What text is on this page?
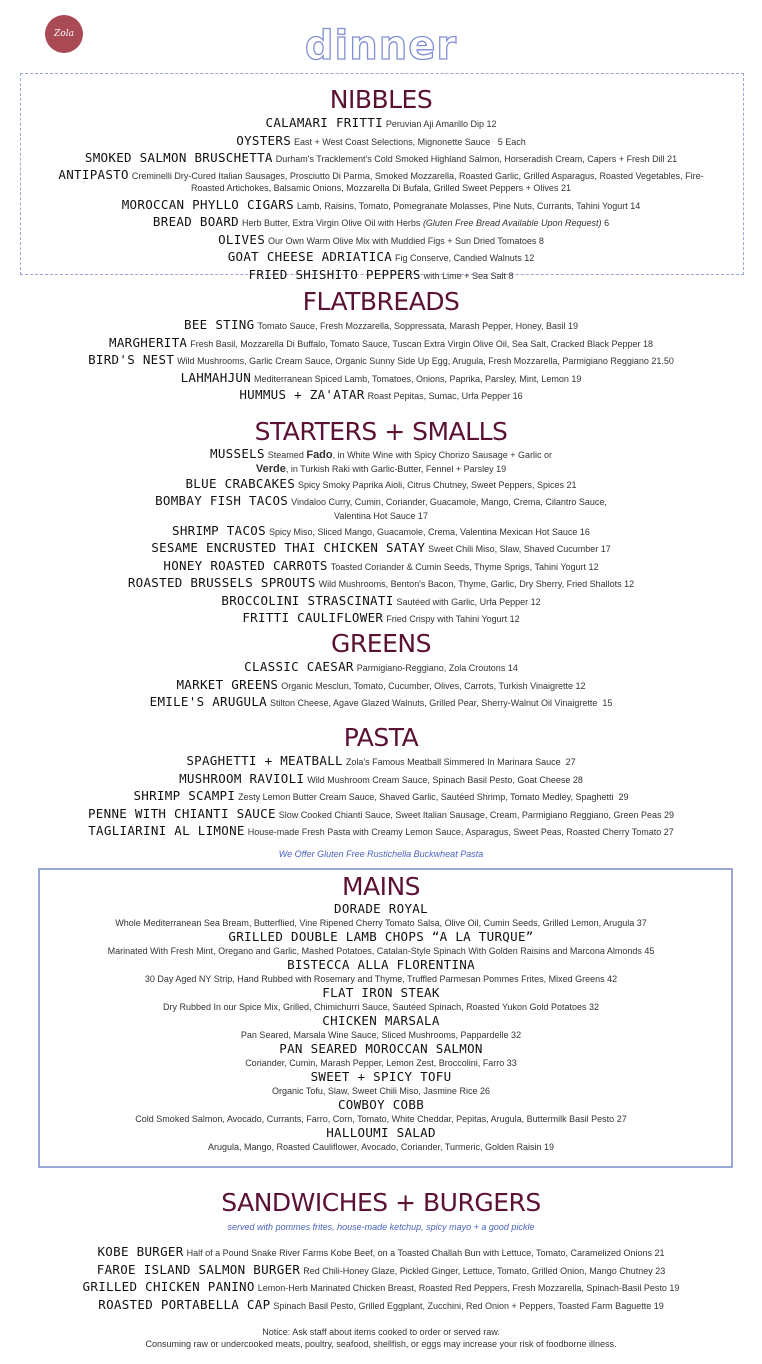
Zola	dinner
NIBBLES
CALAMARI FRITTI Peruvian Aji Amarillo Dip 12
OYSTERS East + West Coast Selections, Mignonette Sauce   5 Each
SMOKED SALMON BRUSCHETTA Durham's Tracklement's Cold Smoked Highland Salmon, Horseradish Cream, Capers + Fresh Dill 21
ANTIPASTO Creminelli Dry-Cured Italian Sausages, Prosciutto Di Parma, Smoked Mozzarella, Roasted Garlic, Grilled Asparagus, Roasted Vegetables, Fire-Roasted Artichokes, Balsamic Onions, Mozzarella Di Bufala, Grilled Sweet Peppers + Olives 21
MOROCCAN PHYLLO CIGARS Lamb, Raisins, Tomato, Pomegranate Molasses, Pine Nuts, Currants, Tahini Yogurt 14
BREAD BOARD Herb Butter, Extra Virgin Olive Oil with Herbs (Gluten Free Bread Available Upon Request) 6
OLIVES Our Own Warm Olive Mix with Muddied Figs + Sun Dried Tomatoes 8
GOAT CHEESE ADRIATICA Fig Conserve, Candied Walnuts 12
FRIED SHISHITO PEPPERS with Lime + Sea Salt 8
FLATBREADS
BEE STING Tomato Sauce, Fresh Mozzarella, Soppressata, Marash Pepper, Honey, Basil 19
MARGHERITA Fresh Basil, Mozzarella Di Buffalo, Tomato Sauce, Tuscan Extra Virgin Olive Oil, Sea Salt, Cracked Black Pepper 18
BIRD'S NEST Wild Mushrooms, Garlic Cream Sauce, Organic Sunny Side Up Egg, Arugula, Fresh Mozzarella, Parmigiano Reggiano 21.50
LAHMAHJUN Mediterranean Spiced Lamb, Tomatoes, Onions, Paprika, Parsley, Mint, Lemon 19
HUMMUS + ZA'ATAR Roast Pepitas, Sumac, Urfa Pepper 16
STARTERS + SMALLS
MUSSELS Steamed Fado, in White Wine with Spicy Chorizo Sausage + Garlic or
Verde, in Turkish Raki with Garlic-Butter, Fennel + Parsley 19
BLUE CRABCAKES Spicy Smoky Paprika Aioli, Citrus Chutney, Sweet Peppers, Spices 21
BOMBAY FISH TACOS Vindaloo Curry, Cumin, Coriander, Guacamole, Mango, Crema, Cilantro Sauce,
Valentina Hot Sauce 17
SHRIMP TACOS Spicy Miso, Sliced Mango, Guacamole, Crema, Valentina Mexican Hot Sauce 16
SESAME ENCRUSTED THAI CHICKEN SATAY Sweet Chili Miso, Slaw, Shaved Cucumber 17
HONEY ROASTED CARROTS Toasted Coriander & Cumin Seeds, Thyme Sprigs, Tahini Yogurt 12
ROASTED BRUSSELS SPROUTS Wild Mushrooms, Benton's Bacon, Thyme, Garlic, Dry Sherry, Fried Shallots 12
BROCCOLINI STRASCINATI Sautéed with Garlic, Urfa Pepper 12
FRITTI CAULIFLOWER Fried Crispy with Tahini Yogurt 12
GREENS
CLASSIC CAESAR Parmigiano-Reggiano, Zola Croutons 14
MARKET GREENS Organic Mesclun, Tomato, Cucumber, Olives, Carrots, Turkish Vinaigrette 12
EMILE'S ARUGULA Stilton Cheese, Agave Glazed Walnuts, Grilled Pear, Sherry-Walnut Oil Vinaigrette  15
PASTA
SPAGHETTI + MEATBALL Zola's Famous Meatball Simmered In Marinara Sauce  27
MUSHROOM RAVIOLI Wild Mushroom Cream Sauce, Spinach Basil Pesto, Goat Cheese 28
SHRIMP SCAMPI Zesty Lemon Butter Cream Sauce, Shaved Garlic, Sautéed Shrimp, Tomato Medley, Spaghetti  29
PENNE WITH CHIANTI SAUCE Slow Cooked Chianti Sauce, Sweet Italian Sausage, Cream, Parmigiano Reggiano, Green Peas 29
TAGLIARINI AL LIMONE House-made Fresh Pasta with Creamy Lemon Sauce, Asparagus, Sweet Peas, Roasted Cherry Tomato 27
We Offer Gluten Free Rustichella Buckwheat Pasta
MAINS
DORADE ROYAL
Whole Mediterranean Sea Bream, Butterflied, Vine Ripened Cherry Tomato Salsa, Olive Oil, Cumin Seeds, Grilled Lemon, Arugula 37
GRILLED DOUBLE LAMB CHOPS “A LA TURQUE”
Marinated With Fresh Mint, Oregano and Garlic, Mashed Potatoes, Catalan-Style Spinach With Golden Raisins and Marcona Almonds 45
BISTECCA ALLA FLORENTINA
30 Day Aged NY Strip, Hand Rubbed with Rosemary and Thyme, Truffled Parmesan Pommes Frites, Mixed Greens 42
FLAT IRON STEAK
Dry Rubbed In our Spice Mix, Grilled, Chimichurri Sauce, Sautéed Spinach, Roasted Yukon Gold Potatoes 32
CHICKEN MARSALA
Pan Seared, Marsala Wine Sauce, Sliced Mushrooms, Pappardelle 32
PAN SEARED MOROCCAN SALMON
Coriander, Cumin, Marash Pepper, Lemon Zest, Broccolini, Farro 33
SWEET + SPICY TOFU
Organic Tofu, Slaw, Sweet Chili Miso, Jasmine Rice 26
COWBOY COBB
Cold Smoked Salmon, Avocado, Currants, Farro, Corn, Tomato, White Cheddar, Pepitas, Arugula, Buttermilk Basil Pesto 27
HALLOUMI SALAD
Arugula, Mango, Roasted Cauliflower, Avocado, Coriander, Turmeric, Golden Raisin 19
SANDWICHES + BURGERS
served with pommes frites, house-made ketchup, spicy mayo + a good pickle
KOBE BURGER Half of a Pound Snake River Farms Kobe Beef, on a Toasted Challah Bun with Lettuce, Tomato, Caramelized Onions 21
FAROE ISLAND SALMON BURGER Red Chili-Honey Glaze, Pickled Ginger, Lettuce, Tomato, Grilled Onion, Mango Chutney 23
GRILLED CHICKEN PANINO Lemon-Herb Marinated Chicken Breast, Roasted Red Peppers, Fresh Mozzarella, Spinach-Basil Pesto 19
ROASTED PORTABELLA CAP Spinach Basil Pesto, Grilled Eggplant, Zucchini, Red Onion + Peppers, Toasted Farm Baguette 19
Notice: Ask staff about items cooked to order or served raw.
Consuming raw or undercooked meats, poultry, seafood, shellfish, or eggs may increase your risk of foodborne illness.
